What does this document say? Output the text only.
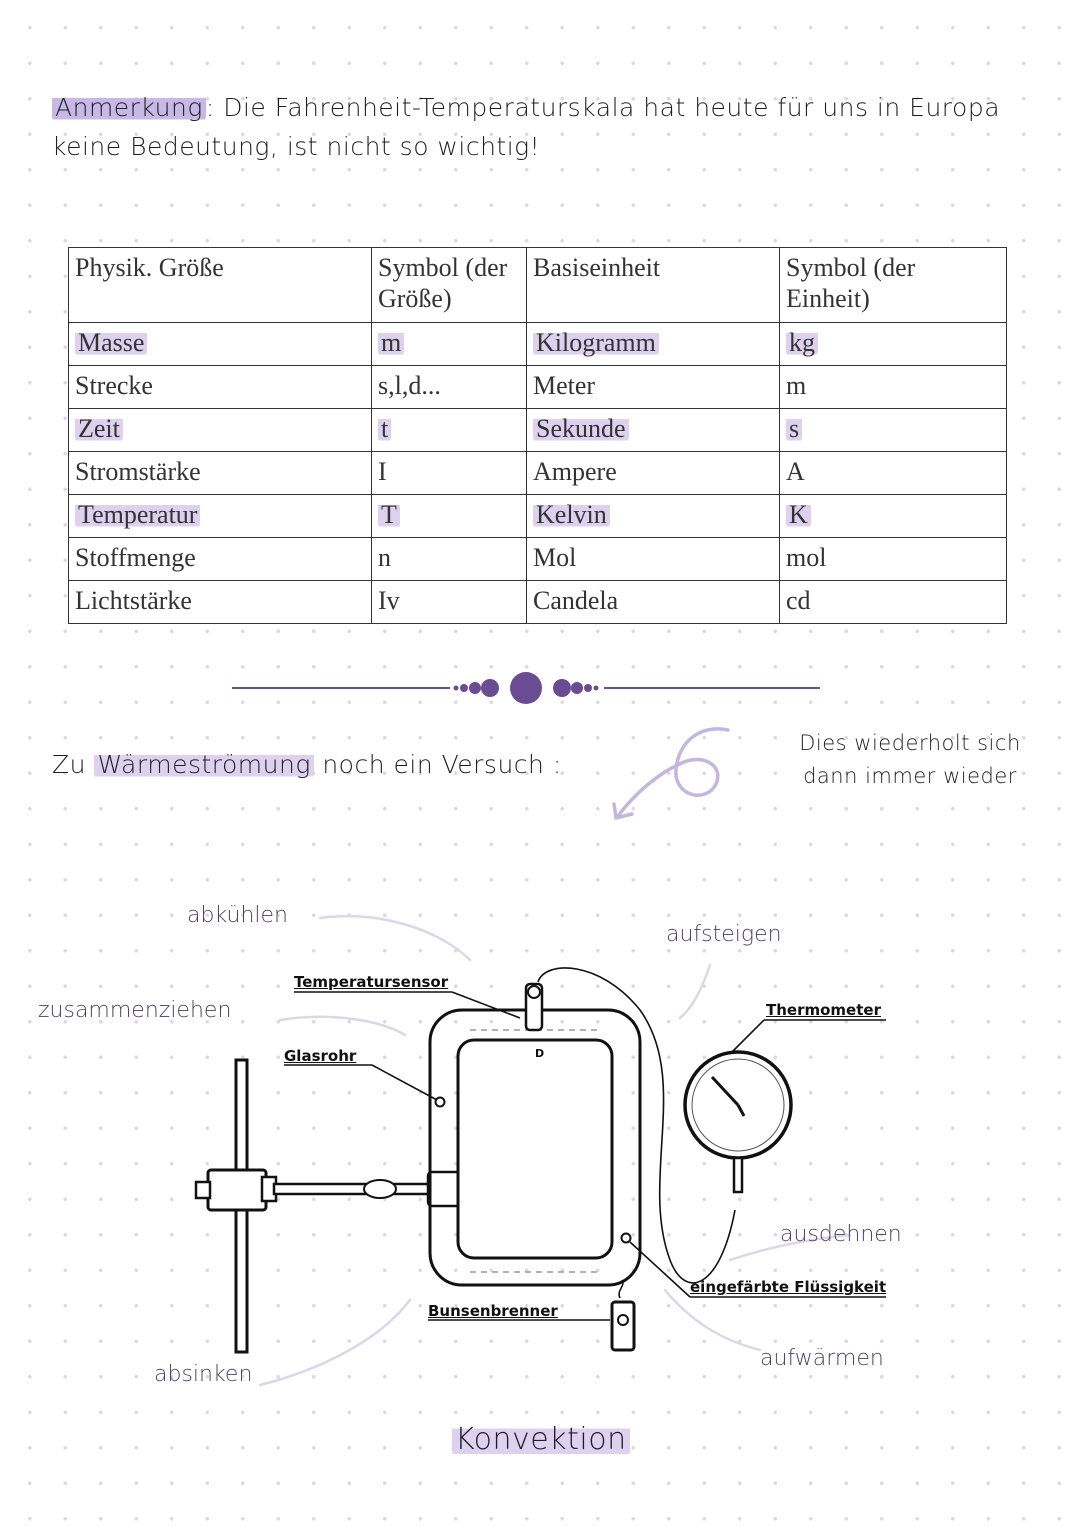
Anmerkung : Die Fahrenheit-Temperaturskala hat heute für uns in Europa keine Bedeutung, ist nicht so wichtig!
Physik. Größe	Symbol (der Größe)	Basiseinheit	Symbol (der Einheit)
Masse	m	Kilogramm	kg
Strecke	s,l,d...	Meter	m
Zeit	t	Sekunde	s
Stromstärke	I	Ampere	A
Temperatur	T	Kelvin	K
Stoffmenge	n	Mol	mol
Lichtstärke	Iv	Candela	cd
Zu Wärmeströmung noch ein Versuch :
Dies wiederholt sich
dann immer wieder
D
Temperatursensor
Glasrohr
Thermometer
eingefärbte Flüssigkeit
Bunsenbrenner
abkühlen
zusammenziehen
absinken
aufsteigen
ausdehnen
aufwärmen
Konvektion
